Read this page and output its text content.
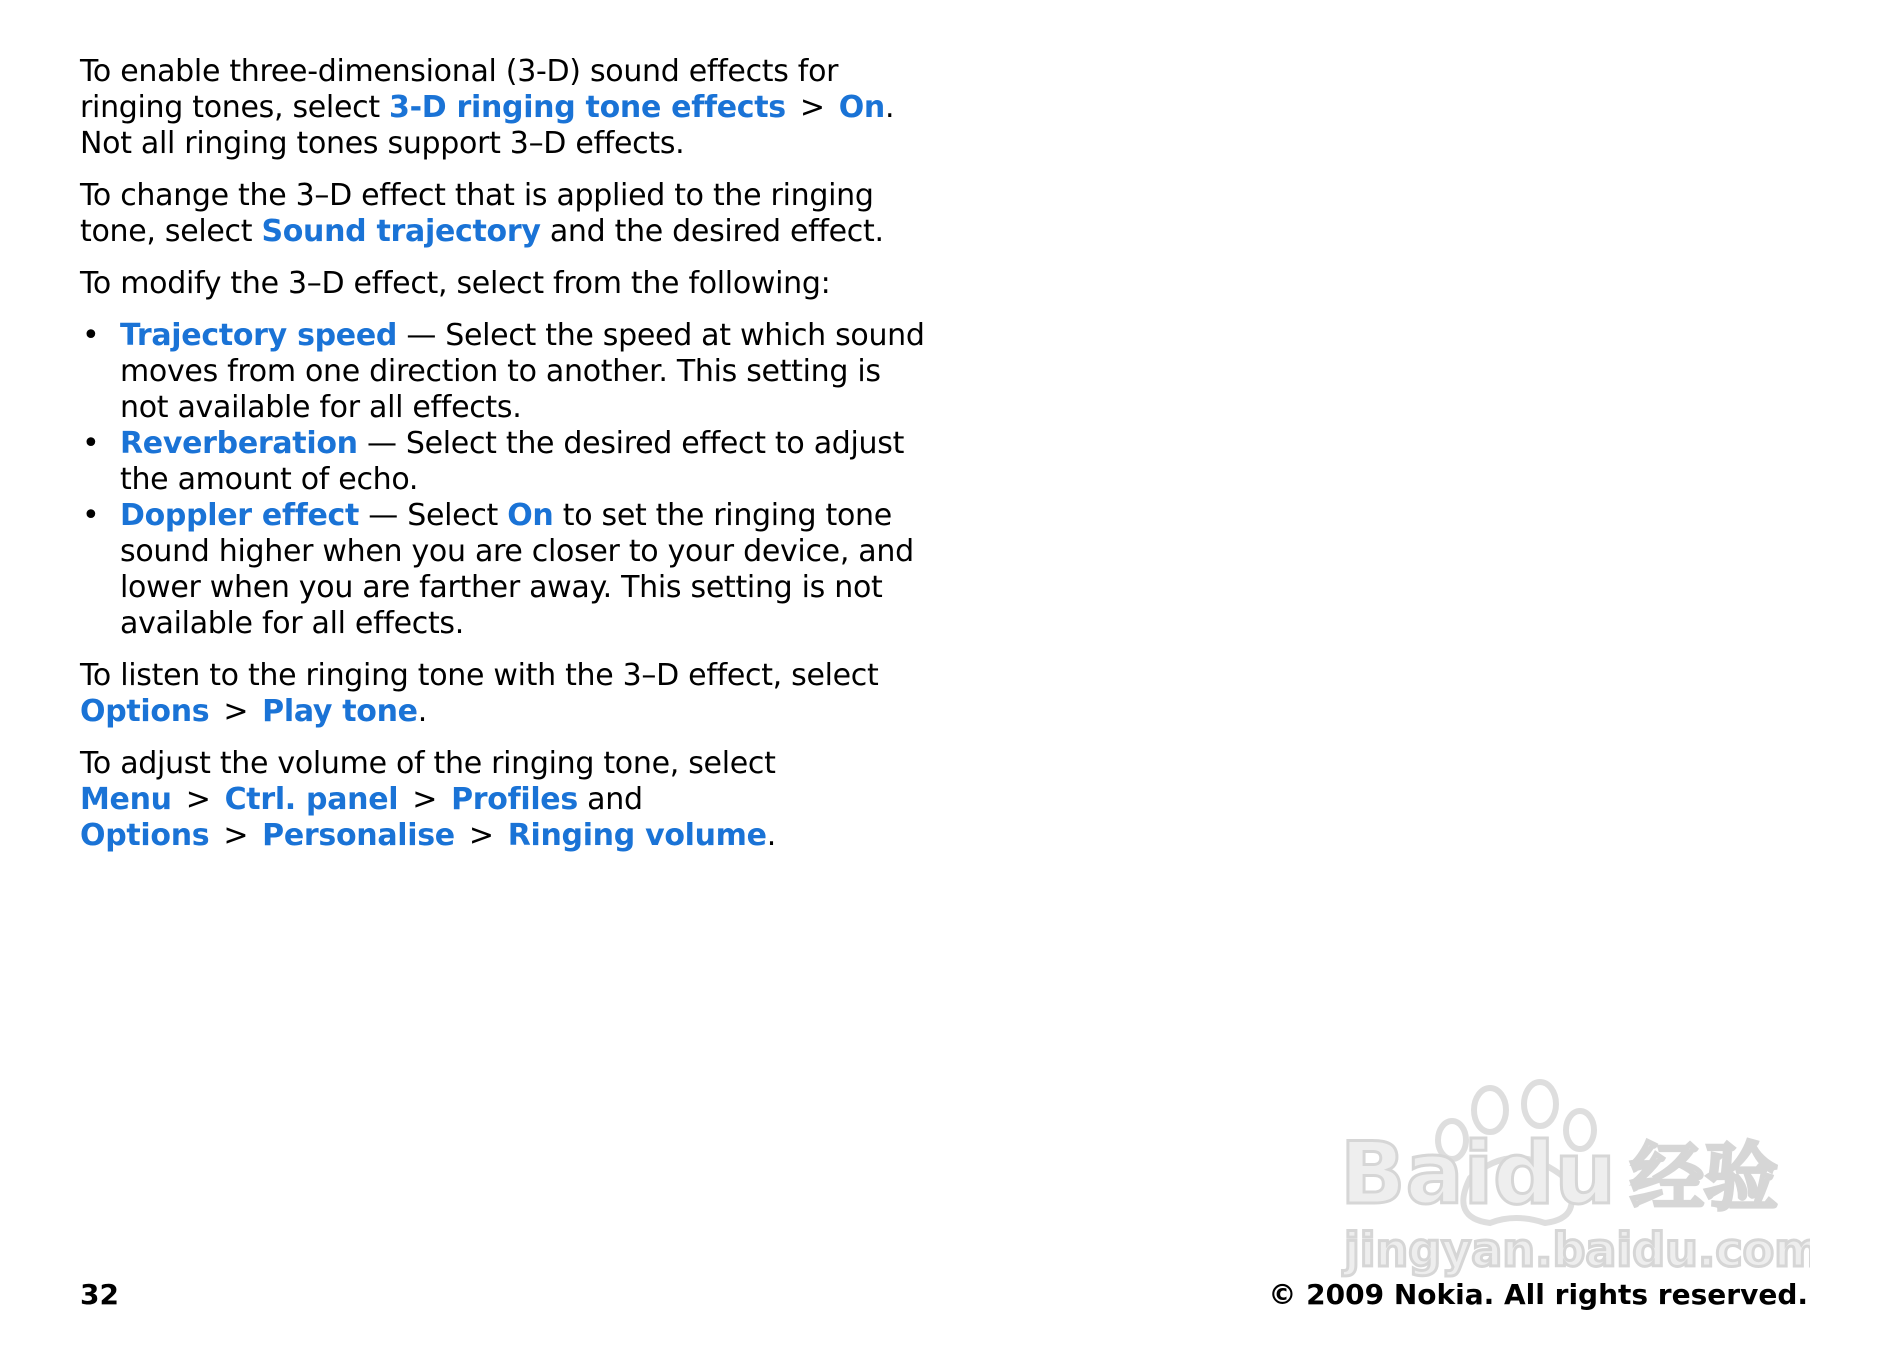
To enable three-dimensional (3-D) sound effects for ringing tones, select 3-D ringing tone effects > On. Not all ringing tones support 3–D effects.

To change the 3–D effect that is applied to the ringing tone, select Sound trajectory and the desired effect.

To modify the 3–D effect, select from the following:

• Trajectory speed — Select the speed at which sound moves from one direction to another. This setting is not available for all effects.
• Reverberation — Select the desired effect to adjust the amount of echo.
• Doppler effect — Select On to set the ringing tone sound higher when you are closer to your device, and lower when you are farther away. This setting is not available for all effects.

To listen to the ringing tone with the 3–D effect, select Options > Play tone.

To adjust the volume of the ringing tone, select Menu > Ctrl. panel > Profiles and Options > Personalise > Ringing volume.

Baidu 经验
jingyan.baidu.com
32	© 2009 Nokia. All rights reserved.
